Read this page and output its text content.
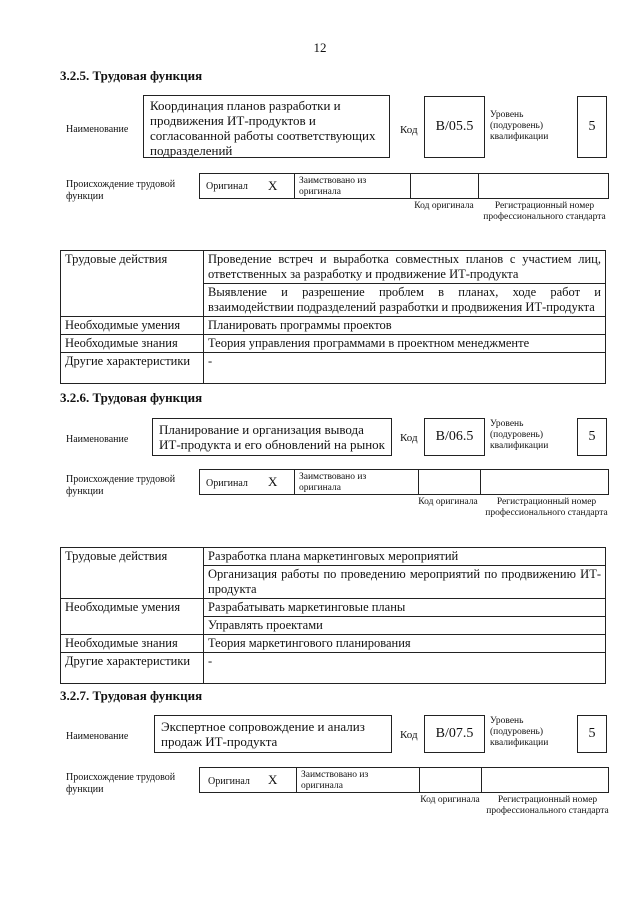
12
3.2.5. Трудовая функция
Наименование
Координация планов разработки и продвижения ИТ-продуктов и согласованной работы соответствующих подразделений
Код	B/05.5
Уровень (подуровень) квалификации
5
Происхождение трудовой функции
Оригинал X Заимствовано из оригинала
Код оригинала	Регистрационный номер профессионального стандарта
Трудовые действия	Проведение встреч и выработка совместных планов с участием лиц, ответственных за разработку и продвижение ИТ-продукта
	Выявление и разрешение проблем в планах, ходе работ и взаимодействии подразделений разработки и продвижения ИТ-продукта
Необходимые умения	Планировать программы проектов
Необходимые знания	Теория управления программами в проектном менеджменте
Другие характеристики	-
3.2.6. Трудовая функция
Наименование
Планирование и организация вывода ИТ-продукта и его обновлений на рынок	Код	B/06.5
Уровень (подуровень) квалификации
5
Происхождение трудовой функции
Оригинал X Заимствовано из оригинала
Код оригинала	Регистрационный номер профессионального стандарта
Трудовые действия	Разработка плана маркетинговых мероприятий
	Организация работы по проведению мероприятий по продвижению ИТ-продукта
Необходимые умения	Разрабатывать маркетинговые планы
	Управлять проектами
Необходимые знания	Теория маркетингового планирования
Другие характеристики	-
3.2.7. Трудовая функция
Наименование
Экспертное сопровождение и анализ продаж ИТ-продукта	Код	B/07.5
Уровень (подуровень) квалификации
5
Происхождение трудовой функции
Оригинал X Заимствовано из оригинала
Код оригинала	Регистрационный номер профессионального стандарта
